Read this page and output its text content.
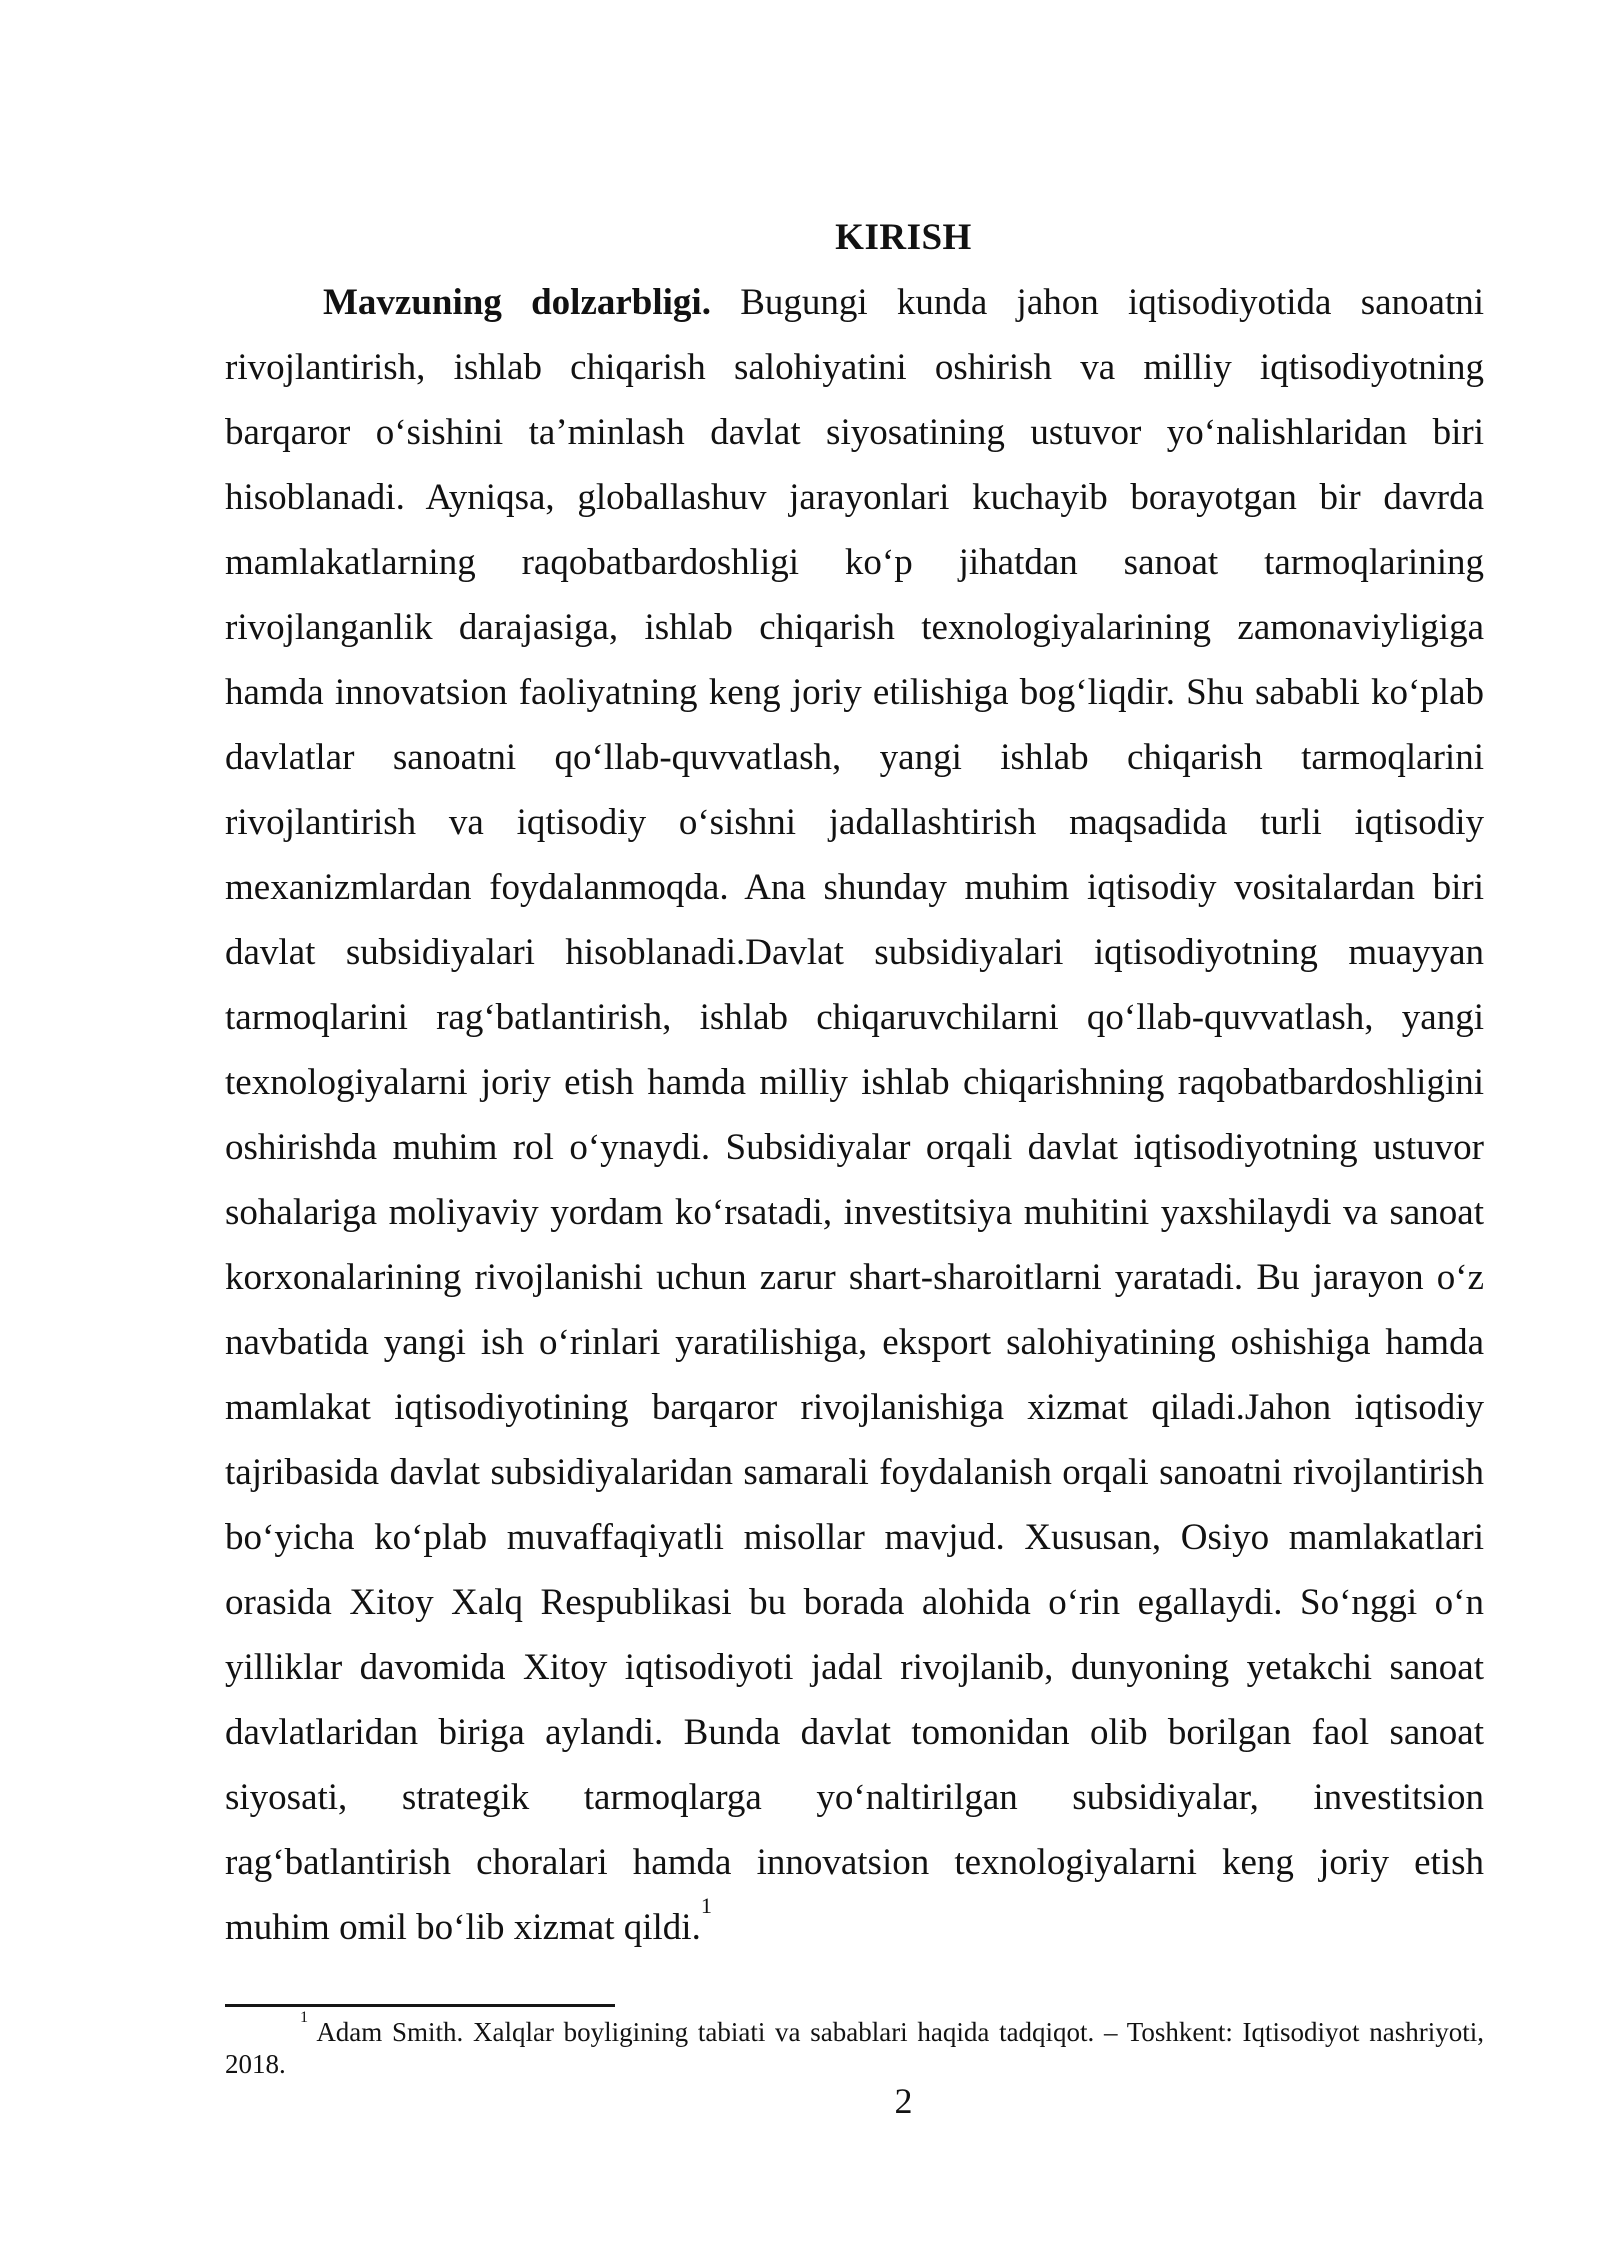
KIRISH
Mavzuning dolzarbligi. Bugungi kunda jahon iqtisodiyotida sanoatni
rivojlantirish, ishlab chiqarish salohiyatini oshirish va milliy iqtisodiyotning
barqaror o‘sishini ta’minlash davlat siyosatining ustuvor yo‘nalishlaridan biri
hisoblanadi. Ayniqsa, globallashuv jarayonlari kuchayib borayotgan bir davrda
mamlakatlarning raqobatbardoshligi ko‘p jihatdan sanoat tarmoqlarining
rivojlanganlik darajasiga, ishlab chiqarish texnologiyalarining zamonaviyligiga
hamda innovatsion faoliyatning keng joriy etilishiga bog‘liqdir. Shu sababli ko‘plab
davlatlar sanoatni qo‘llab-quvvatlash, yangi ishlab chiqarish tarmoqlarini
rivojlantirish va iqtisodiy o‘sishni jadallashtirish maqsadida turli iqtisodiy
mexanizmlardan foydalanmoqda. Ana shunday muhim iqtisodiy vositalardan biri
davlat subsidiyalari hisoblanadi.Davlat subsidiyalari iqtisodiyotning muayyan
tarmoqlarini rag‘batlantirish, ishlab chiqaruvchilarni qo‘llab-quvvatlash, yangi
texnologiyalarni joriy etish hamda milliy ishlab chiqarishning raqobatbardoshligini
oshirishda muhim rol o‘ynaydi. Subsidiyalar orqali davlat iqtisodiyotning ustuvor
sohalariga moliyaviy yordam ko‘rsatadi, investitsiya muhitini yaxshilaydi va sanoat
korxonalarining rivojlanishi uchun zarur shart-sharoitlarni yaratadi. Bu jarayon o‘z
navbatida yangi ish o‘rinlari yaratilishiga, eksport salohiyatining oshishiga hamda
mamlakat iqtisodiyotining barqaror rivojlanishiga xizmat qiladi.Jahon iqtisodiy
tajribasida davlat subsidiyalaridan samarali foydalanish orqali sanoatni rivojlantirish
bo‘yicha ko‘plab muvaffaqiyatli misollar mavjud. Xususan, Osiyo mamlakatlari
orasida Xitoy Xalq Respublikasi bu borada alohida o‘rin egallaydi. So‘nggi o‘n
yilliklar davomida Xitoy iqtisodiyoti jadal rivojlanib, dunyoning yetakchi sanoat
davlatlaridan biriga aylandi. Bunda davlat tomonidan olib borilgan faol sanoat
siyosati, strategik tarmoqlarga yo‘naltirilgan subsidiyalar, investitsion
rag‘batlantirish choralari hamda innovatsion texnologiyalarni keng joriy etish
muhim omil bo‘lib xizmat qildi.$^1$
$^1$ Adam Smith. Xalqlar boyligining tabiati va sabablari haqida tadqiqot. – Toshkent: Iqtisodiyot nashriyoti,
2018.
2
